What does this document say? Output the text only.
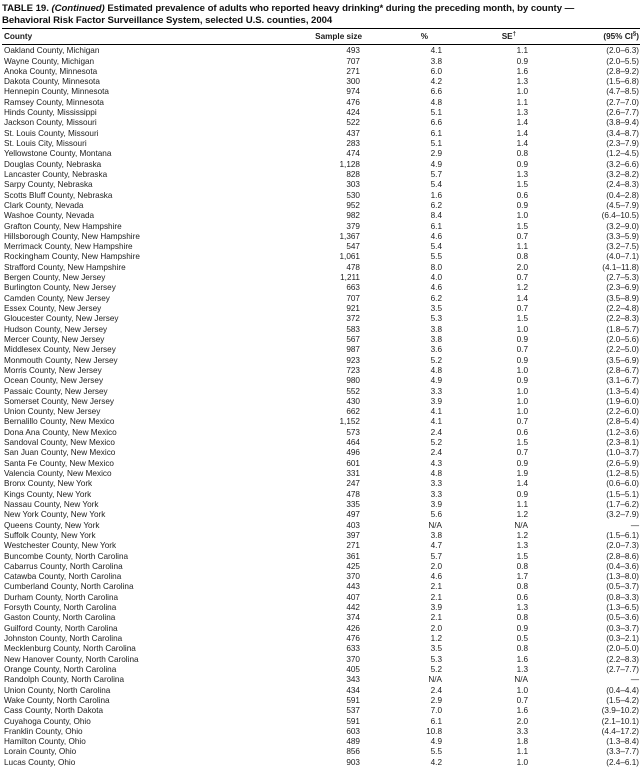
TABLE 19. (Continued) Estimated prevalence of adults who reported heavy drinking* during the preceding month, by county —
Behavioral Risk Factor Surveillance System, selected U.S. counties, 2004
County	Sample size	%	SE†	(95% CI§)
Oakland County, Michigan	493	4.1	1.1	(2.0–6.3)
Wayne County, Michigan	707	3.8	0.9	(2.0–5.5)
Anoka County, Minnesota	271	6.0	1.6	(2.8–9.2)
Dakota County, Minnesota	300	4.2	1.3	(1.5–6.8)
Hennepin County, Minnesota	974	6.6	1.0	(4.7–8.5)
Ramsey County, Minnesota	476	4.8	1.1	(2.7–7.0)
Hinds County, Mississippi	424	5.1	1.3	(2.6–7.7)
Jackson County, Missouri	522	6.6	1.4	(3.8–9.4)
St. Louis County, Missouri	437	6.1	1.4	(3.4–8.7)
St. Louis City, Missouri	283	5.1	1.4	(2.3–7.9)
Yellowstone County, Montana	474	2.9	0.8	(1.2–4.5)
Douglas County, Nebraska	1,128	4.9	0.9	(3.2–6.6)
Lancaster County, Nebraska	828	5.7	1.3	(3.2–8.2)
Sarpy County, Nebraska	303	5.4	1.5	(2.4–8.3)
Scotts Bluff County, Nebraska	530	1.6	0.6	(0.4–2.8)
Clark County, Nevada	952	6.2	0.9	(4.5–7.9)
Washoe County, Nevada	982	8.4	1.0	(6.4–10.5)
Grafton County, New Hampshire	379	6.1	1.5	(3.2–9.0)
Hillsborough County, New Hampshire	1,367	4.6	0.7	(3.3–5.9)
Merrimack County, New Hampshire	547	5.4	1.1	(3.2–7.5)
Rockingham County, New Hampshire	1,061	5.5	0.8	(4.0–7.1)
Strafford County, New Hampshire	478	8.0	2.0	(4.1–11.8)
Bergen County, New Jersey	1,211	4.0	0.7	(2.7–5.3)
Burlington County, New Jersey	663	4.6	1.2	(2.3–6.9)
Camden County, New Jersey	707	6.2	1.4	(3.5–8.9)
Essex County, New Jersey	921	3.5	0.7	(2.2–4.8)
Gloucester County, New Jersey	372	5.3	1.5	(2.2–8.3)
Hudson County, New Jersey	583	3.8	1.0	(1.8–5.7)
Mercer County, New Jersey	567	3.8	0.9	(2.0–5.6)
Middlesex County, New Jersey	987	3.6	0.7	(2.2–5.0)
Monmouth County, New Jersey	923	5.2	0.9	(3.5–6.9)
Morris County, New Jersey	723	4.8	1.0	(2.8–6.7)
Ocean County, New Jersey	980	4.9	0.9	(3.1–6.7)
Passaic County, New Jersey	552	3.3	1.0	(1.3–5.4)
Somerset County, New Jersey	430	3.9	1.0	(1.9–6.0)
Union County, New Jersey	662	4.1	1.0	(2.2–6.0)
Bernalillo County, New Mexico	1,152	4.1	0.7	(2.8–5.4)
Dona Ana County, New Mexico	573	2.4	0.6	(1.2–3.6)
Sandoval County, New Mexico	464	5.2	1.5	(2.3–8.1)
San Juan County, New Mexico	496	2.4	0.7	(1.0–3.7)
Santa Fe County, New Mexico	601	4.3	0.9	(2.6–5.9)
Valencia County, New Mexico	331	4.8	1.9	(1.2–8.5)
Bronx County, New York	247	3.3	1.4	(0.6–6.0)
Kings County, New York	478	3.3	0.9	(1.5–5.1)
Nassau County, New York	335	3.9	1.1	(1.7–6.2)
New York County, New York	497	5.6	1.2	(3.2–7.9)
Queens County, New York	403	N/A	N/A	—
Suffolk County, New York	397	3.8	1.2	(1.5–6.1)
Westchester County, New York	271	4.7	1.3	(2.0–7.3)
Buncombe County, North Carolina	361	5.7	1.5	(2.8–8.6)
Cabarrus County, North Carolina	425	2.0	0.8	(0.4–3.6)
Catawba County, North Carolina	370	4.6	1.7	(1.3–8.0)
Cumberland County, North Carolina	443	2.1	0.8	(0.5–3.7)
Durham County, North Carolina	407	2.1	0.6	(0.8–3.3)
Forsyth County, North Carolina	442	3.9	1.3	(1.3–6.5)
Gaston County, North Carolina	374	2.1	0.8	(0.5–3.6)
Guilford County, North Carolina	426	2.0	0.9	(0.3–3.7)
Johnston County, North Carolina	476	1.2	0.5	(0.3–2.1)
Mecklenburg County, North Carolina	633	3.5	0.8	(2.0–5.0)
New Hanover County, North Carolina	370	5.3	1.6	(2.2–8.3)
Orange County, North Carolina	405	5.2	1.3	(2.7–7.7)
Randolph County, North Carolina	343	N/A	N/A	—
Union County, North Carolina	434	2.4	1.0	(0.4–4.4)
Wake County, North Carolina	591	2.9	0.7	(1.5–4.2)
Cass County, North Dakota	537	7.0	1.6	(3.9–10.2)
Cuyahoga County, Ohio	591	6.1	2.0	(2.1–10.1)
Franklin County, Ohio	603	10.8	3.3	(4.4–17.2)
Hamilton County, Ohio	489	4.9	1.8	(1.3–8.4)
Lorain County, Ohio	856	5.5	1.1	(3.3–7.7)
Lucas County, Ohio	903	4.2	1.0	(2.4–6.1)
